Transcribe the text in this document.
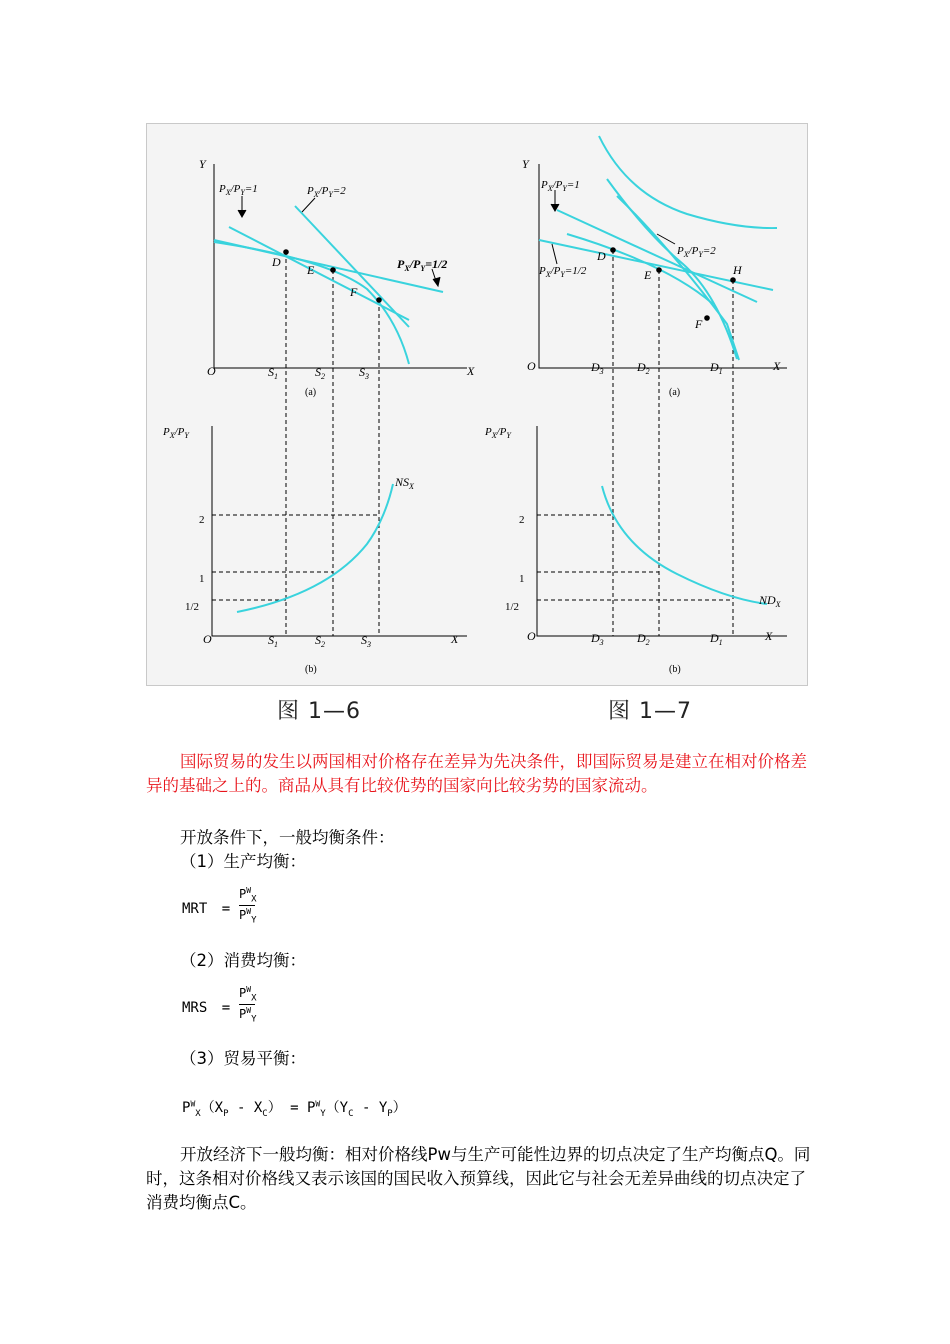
Y
X
O
$P_X/P_Y=1$	$P_X/P_Y=2$
$P_X/P_Y=1/2$
D
E
F
$S_1$	$S_2$	$S_3$
(a)
Y
X
O
$P_X/P_Y=1$
$P_X/P_Y=2$
$P_X/P_Y=1/2$
D
E	H
F
$D_3$	$D_2$	$D_1$
(a)
$P_X/P_Y$
2
1
1/2
O	X
$S_1$	$S_2$	$S_3$
$NS_X$
(b)
$P_X/P_Y$
2
1
1/2
O	X
$D_3$	$D_2$	$D_1$
$ND_X$
(b)
图 1—6	图 1—7
国际贸易的发生以两国相对价格存在差异为先决条件，即国际贸易是建立在相对价格差异的基础之上的。商品从具有比较优势的国家向比较劣势的国家流动。
开放条件下，一般均衡条件：
（1）生产均衡：
MRT =
$P^W_X$
$P^W_Y$
（2）消费均衡：
MRS =
$P^W_X$
$P^W_Y$
（3）贸易平衡：
$P^W_X(X_P - X_C) = P^W_Y(Y_C - Y_P)$
开放经济下一般均衡：相对价格线Pw与生产可能性边界的切点决定了生产均衡点Q。同时，这条相对价格线又表示该国的国民收入预算线，因此它与社会无差异曲线的切点决定了消费均衡点C。
